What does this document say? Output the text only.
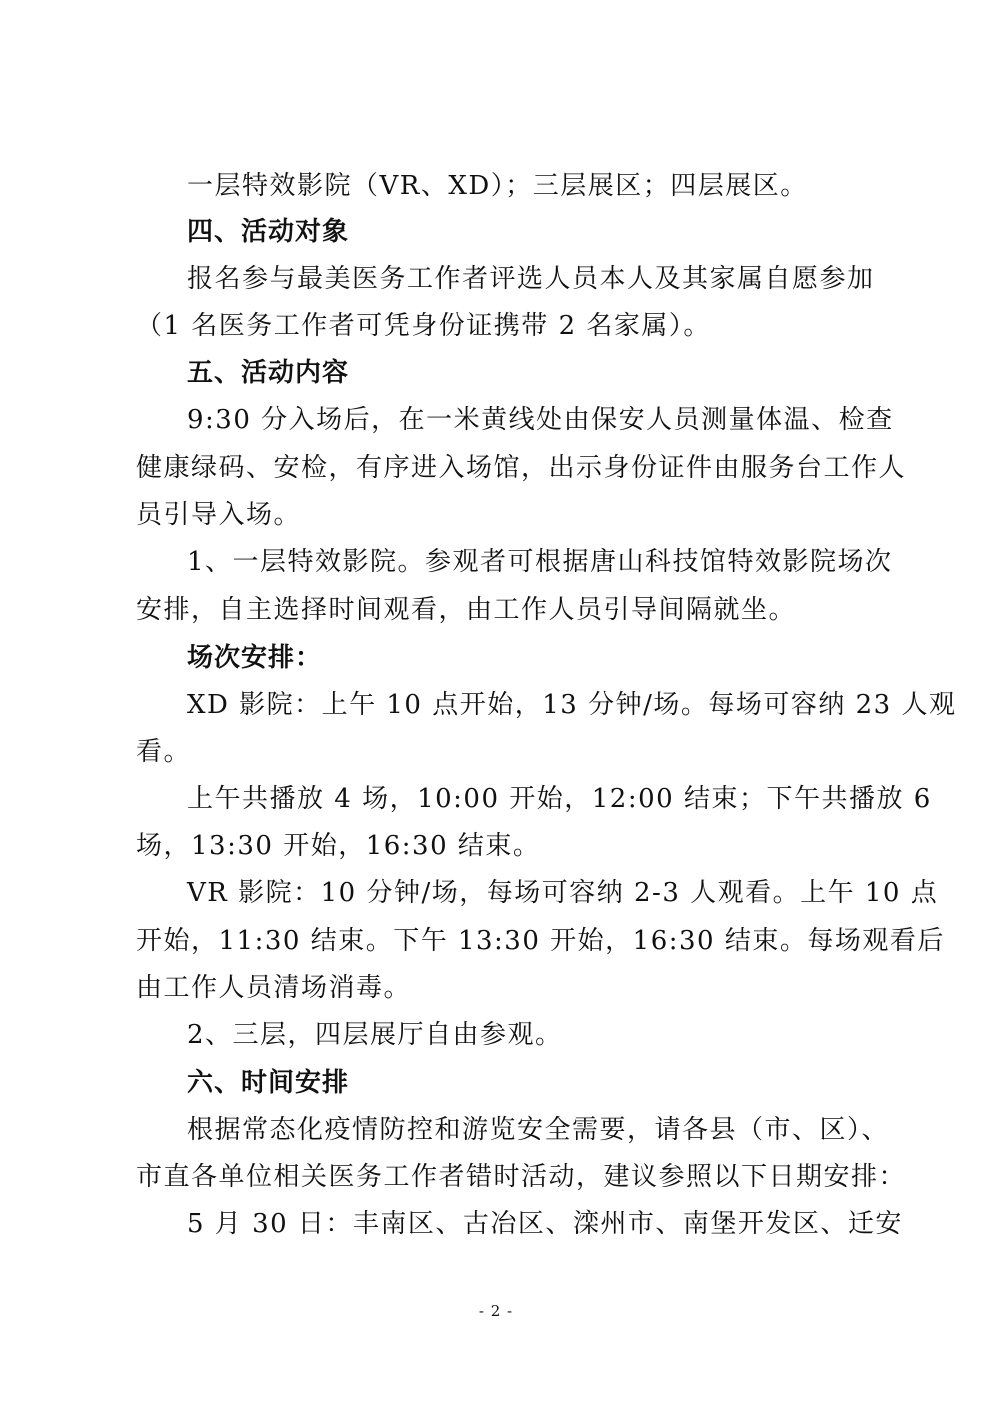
一层特效影院（VR、XD）；三层展区；四层展区。
四、活动对象
报名参与最美医务工作者评选人员本人及其家属自愿参加
（1 名医务工作者可凭身份证携带 2 名家属）。
五、活动内容
9:30 分入场后，在一米黄线处由保安人员测量体温、检查
健康绿码、安检，有序进入场馆，出示身份证件由服务台工作人
员引导入场。
1、一层特效影院。参观者可根据唐山科技馆特效影院场次
安排，自主选择时间观看，由工作人员引导间隔就坐。
场次安排：
XD 影院：上午 10 点开始，13 分钟/场。每场可容纳 23 人观
看。
上午共播放 4 场，10:00 开始，12:00 结束；下午共播放 6
场，13:30 开始，16:30 结束。
VR 影院：10 分钟/场，每场可容纳 2-3 人观看。上午 10 点
开始，11:30 结束。下午 13:30 开始，16:30 结束。每场观看后
由工作人员清场消毒。
2、三层，四层展厅自由参观。
六、时间安排
根据常态化疫情防控和游览安全需要，请各县（市、区）、
市直各单位相关医务工作者错时活动，建议参照以下日期安排：
5 月 30 日：丰南区、古冶区、滦州市、南堡开发区、迁安
- 2 -
